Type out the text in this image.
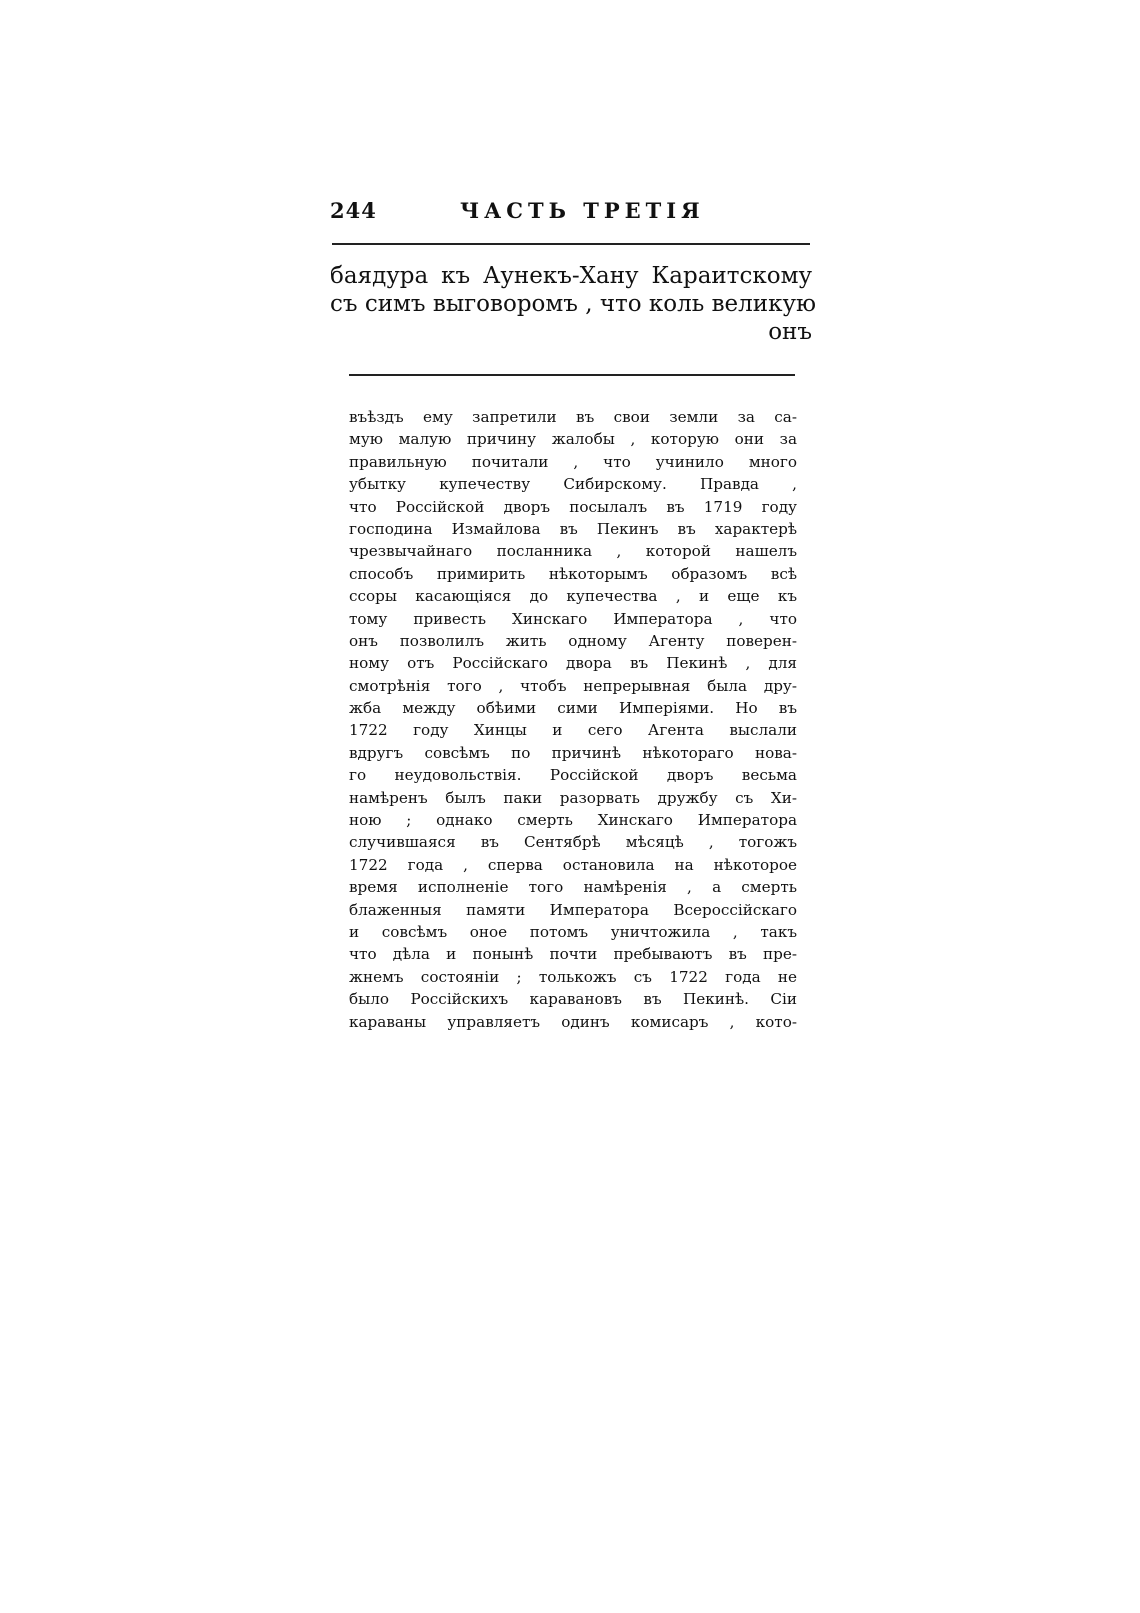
244	ЧАСТЬ ТРЕТІЯ
баядура къ Аунекъ-Хану Караитскому
съ симъ выговоромъ , что коль великую
онъ
въѣздъ ему запретили въ свои земли за са-
мую малую причину жалобы , которую они за
правильную почитали , что учинило много
убытку купечеству Сибирскому. Правда ,
что Россійской дворъ посылалъ въ 1719 году
господина Измайлова въ Пекинъ въ характерѣ
чрезвычайнаго посланника , которой нашелъ
способъ примирить нѣкоторымъ образомъ всѣ
ссоры касающіяся до купечества , и еще къ
тому привесть Хинскаго Императора , что
онъ позволилъ жить одному Агенту поверен-
ному отъ Россійскаго двора въ Пекинѣ , для
смотрѣнія того , чтобъ непрерывная была дру-
жба между обѣими сими Имперіями. Но въ
1722 году Хинцы и сего Агента выслали
вдругъ совсѣмъ по причинѣ нѣкотораго нова-
го неудовольствія. Россійской дворъ весьма
намѣренъ былъ паки разорвать дружбу съ Хи-
ною ; однако смерть Хинскаго Императора
случившаяся въ Сентябрѣ мѣсяцѣ , тогожъ
1722 года , сперва остановила на нѣкоторое
время исполненіе того намѣренія , а смерть
блаженныя памяти Императора Всероссійскаго
и совсѣмъ оное потомъ уничтожила , такъ
что дѣла и понынѣ почти пребываютъ въ пре-
жнемъ состояніи ; толькожъ съ 1722 года не
было Россійскихъ каравановъ въ Пекинѣ. Сіи
караваны управляетъ одинъ комисаръ , кото-
